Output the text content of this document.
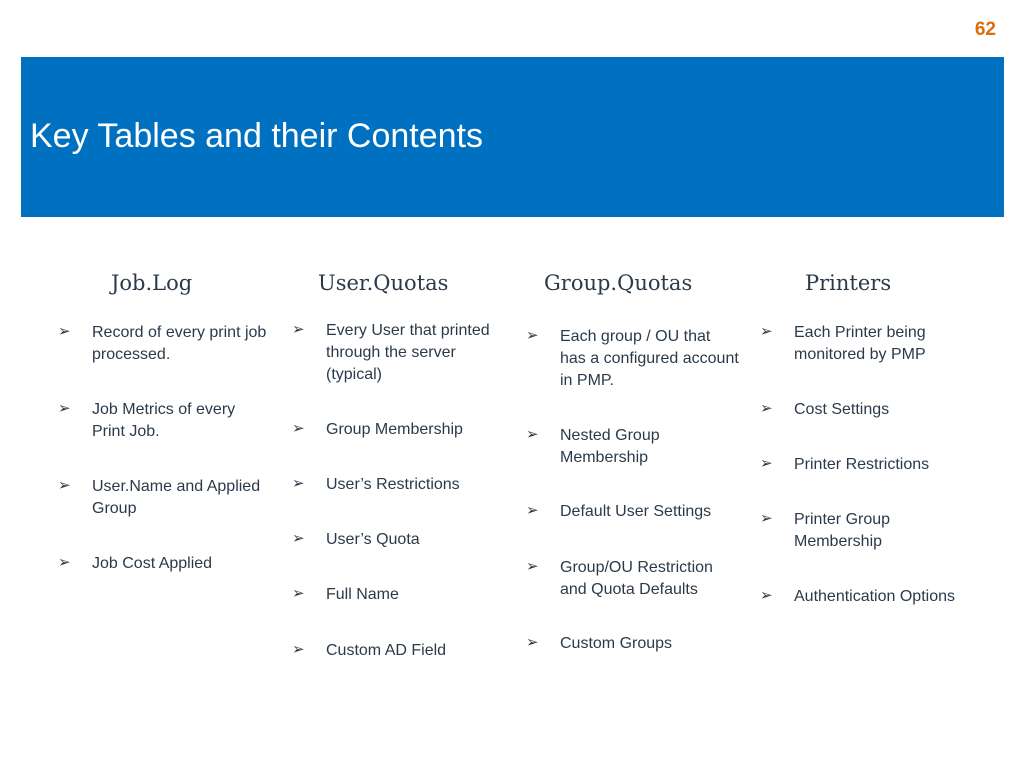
62
Key Tables and their Contents
Job.Log
➢ Record of every print job processed.
➢ Job Metrics of every Print Job.
➢ User.Name and Applied Group
➢ Job Cost Applied
User.Quotas
➢ Every User that printed through the server (typical)
➢ Group Membership
➢ User’s Restrictions
➢ User’s Quota
➢ Full Name
➢ Custom AD Field
Group.Quotas
➢ Each group / OU that has a configured account in PMP.
➢ Nested Group Membership
➢ Default User Settings
➢ Group/OU Restriction and Quota Defaults
➢ Custom Groups
Printers
➢ Each Printer being monitored by PMP
➢ Cost Settings
➢ Printer Restrictions
➢ Printer Group Membership
➢ Authentication Options
